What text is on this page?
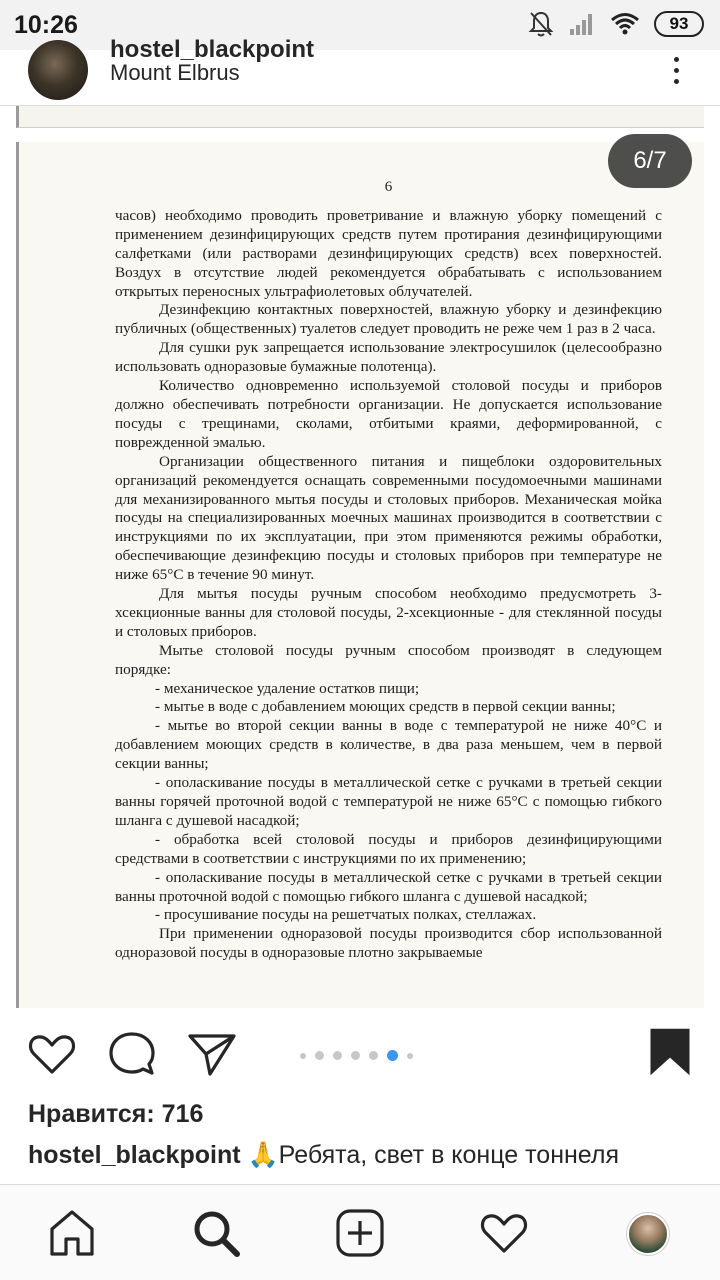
10:26	93
hostel_blackpoint
Mount Elbrus
6

часов) необходимо проводить проветривание и влажную уборку помещений с применением дезинфицирующих средств путем протирания дезинфицирующими салфетками (или растворами дезинфицирующих средств) всех поверхностей. Воздух в отсутствие людей рекомендуется обрабатывать с использованием открытых переносных ультрафиолетовых облучателей.

Дезинфекцию контактных поверхностей, влажную уборку и дезинфекцию публичных (общественных) туалетов следует проводить не реже чем 1 раз в 2 часа.

Для сушки рук запрещается использование электросушилок (целесообразно использовать одноразовые бумажные полотенца).

Количество одновременно используемой столовой посуды и приборов должно обеспечивать потребности организации. Не допускается использование посуды с трещинами, сколами, отбитыми краями, деформированной, с поврежденной эмалью.

Организации общественного питания и пищеблоки оздоровительных организаций рекомендуется оснащать современными посудомоечными машинами для механизированного мытья посуды и столовых приборов. Механическая мойка посуды на специализированных моечных машинах производится в соответствии с инструкциями по их эксплуатации, при этом применяются режимы обработки, обеспечивающие дезинфекцию посуды и столовых приборов при температуре не ниже 65°С в течение 90 минут.

Для мытья посуды ручным способом необходимо предусмотреть 3-хсекционные ванны для столовой посуды, 2-хсекционные - для стеклянной посуды и столовых приборов.

Мытье столовой посуды ручным способом производят в следующем порядке:

- механическое удаление остатков пищи;

- мытье в воде с добавлением моющих средств в первой секции ванны;

- мытье во второй секции ванны в воде с температурой не ниже 40°С и добавлением моющих средств в количестве, в два раза меньшем, чем в первой секции ванны;

- ополаскивание посуды в металлической сетке с ручками в третьей секции ванны горячей проточной водой с температурой не ниже 65°С с помощью гибкого шланга с душевой насадкой;

- обработка всей столовой посуды и приборов дезинфицирующими средствами в соответствии с инструкциями по их применению;

- ополаскивание посуды в металлической сетке с ручками в третьей секции ванны проточной водой с помощью гибкого шланга с душевой насадкой;

- просушивание посуды на решетчатых полках, стеллажах.

При применении одноразовой посуды производится сбор использованной одноразовой посуды в одноразовые плотно закрываемые

6/7
Нравится: 716
hostel_blackpoint 🙏Ребята, свет в конце тоннеля
